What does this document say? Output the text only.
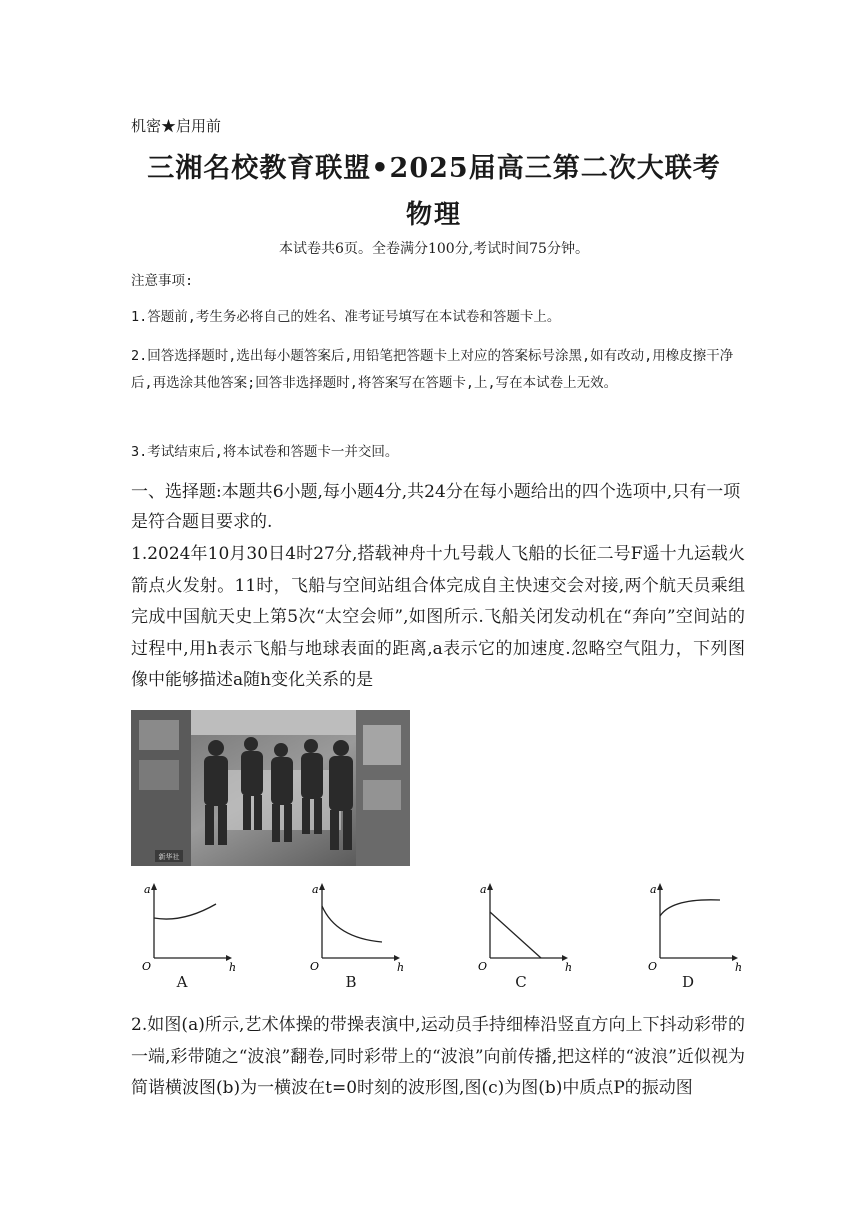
机密★启用前
三湘名校教育联盟•2025届高三第二次大联考
物理
本试卷共6页。全卷满分100分,考试时间75分钟。
注意事项:
1.答题前,考生务必将自己的姓名、准考证号填写在本试卷和答题卡上。
2.回答选择题时,选出每小题答案后,用铅笔把答题卡上对应的答案标号涂黑,如有改动,用橡皮擦干净后,再选涂其他答案;回答非选择题时,将答案写在答题卡,上,写在本试卷上无效。
3.考试结束后,将本试卷和答题卡一并交回。
一、选择题:本题共6小题,每小题4分,共24分在每小题给出的四个选项中,只有一项是符合题目要求的.
1.2024年10月30日4时27分,搭载神舟十九号载人飞船的长征二号F遥十九运载火箭点火发射。11时，飞船与空间站组合体完成自主快速交会对接,两个航天员乘组完成中国航天史上第5次“太空会师”,如图所示.飞船关闭发动机在“奔向”空间站的过程中,用h表示飞船与地球表面的距离,a表示它的加速度.忽略空气阻力，下列图像中能够描述a随h变化关系的是
新华社
a
h
O
a
h
O
a
h
O
a
h
O
A	B	C	D
2.如图(a)所示,艺术体操的带操表演中,运动员手持细棒沿竖直方向上下抖动彩带的一端,彩带随之“波浪”翻卷,同时彩带上的“波浪”向前传播,把这样的“波浪”近似视为简谐横波图(b)为一横波在t=0时刻的波形图,图(c)为图(b)中质点P的振动图
